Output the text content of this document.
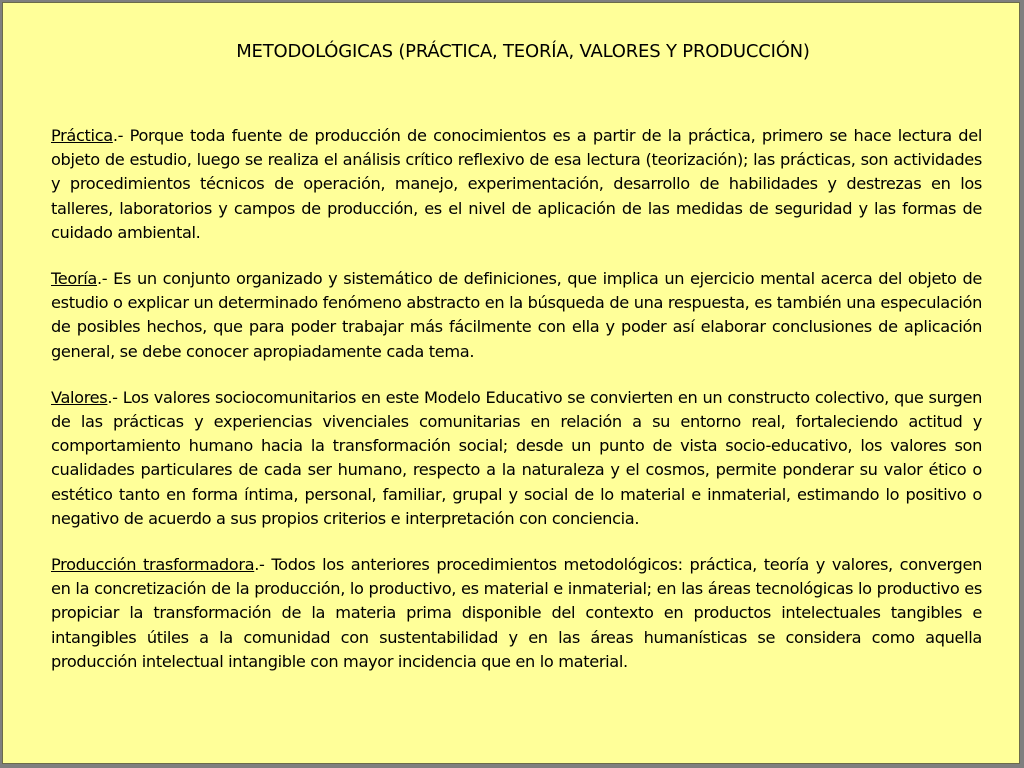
METODOLÓGICAS (PRÁCTICA, TEORÍA, VALORES Y PRODUCCIÓN)

Práctica.- Porque toda fuente de producción de conocimientos es a partir de la práctica, primero se hace lectura del objeto de estudio, luego se realiza el análisis crítico reflexivo de esa lectura (teorización); las prácticas, son actividades y procedimientos técnicos de operación, manejo, experimentación, desarrollo de habilidades y destrezas en los talleres, laboratorios y campos de producción, es el nivel de aplicación de las medidas de seguridad y las formas de cuidado ambiental.

Teoría.- Es un conjunto organizado y sistemático de definiciones, que implica un ejercicio mental acerca del objeto de estudio o explicar un determinado fenómeno abstracto en la búsqueda de una respuesta, es también una especulación de posibles hechos, que para poder trabajar más fácilmente con ella y poder así elaborar conclusiones de aplicación general, se debe conocer apropiadamente cada tema.

Valores.- Los valores sociocomunitarios en este Modelo Educativo se convierten en un constructo colectivo, que surgen de las prácticas y experiencias vivenciales comunitarias en relación a su entorno real, fortaleciendo actitud y comportamiento humano hacia la transformación social; desde un punto de vista socio-educativo, los valores son cualidades particulares de cada ser humano, respecto a la naturaleza y el cosmos, permite ponderar su valor ético o estético tanto en forma íntima, personal, familiar, grupal y social de lo material e inmaterial, estimando lo positivo o negativo de acuerdo a sus propios criterios e interpretación con conciencia.

Producción trasformadora.- Todos los anteriores procedimientos metodológicos: práctica, teoría y valores, convergen en la concretización de la producción, lo productivo, es material e inmaterial; en las áreas tecnológicas lo productivo es propiciar la transformación de la materia prima disponible del contexto en productos intelectuales tangibles e intangibles útiles a la comunidad con sustentabilidad y en las áreas humanísticas se considera como aquella producción intelectual intangible con mayor incidencia que en lo material.
